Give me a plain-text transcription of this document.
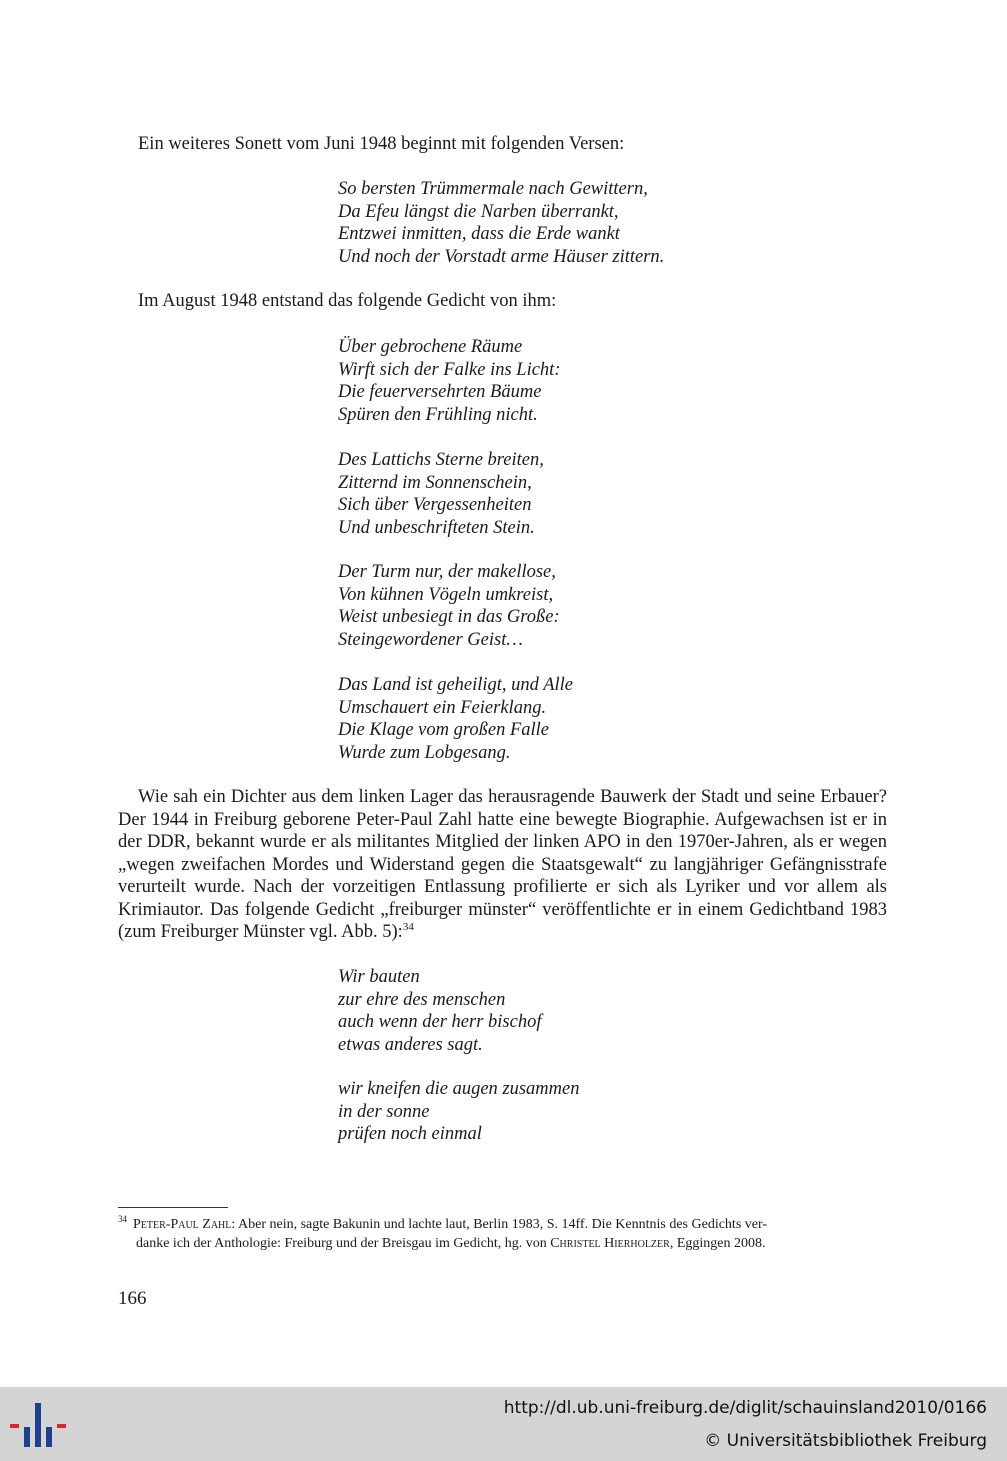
Ein weiteres Sonett vom Juni 1948 beginnt mit folgenden Versen:

So bersten Trümmermale nach Gewittern,
Da Efeu längst die Narben überrankt,
Entzwei inmitten, dass die Erde wankt
Und noch der Vorstadt arme Häuser zittern.

Im August 1948 entstand das folgende Gedicht von ihm:

Über gebrochene Räume
Wirft sich der Falke ins Licht:
Die feuerversehrten Bäume
Spüren den Frühling nicht.
Des Lattichs Sterne breiten,
Zitternd im Sonnenschein,
Sich über Vergessenheiten
Und unbeschrifteten Stein.
Der Turm nur, der makellose,
Von kühnen Vögeln umkreist,
Weist unbesiegt in das Große:
Steingewordener Geist…
Das Land ist geheiligt, und Alle
Umschauert ein Feierklang.
Die Klage vom großen Falle
Wurde zum Lobgesang.

Wie sah ein Dichter aus dem linken Lager das herausragende Bauwerk der Stadt und seine Erbauer? Der 1944 in Freiburg geborene Peter-Paul Zahl hatte eine bewegte Biographie. Aufgewachsen ist er in der DDR, bekannt wurde er als militantes Mitglied der linken APO in den 1970er-Jahren, als er wegen „wegen zweifachen Mordes und Widerstand gegen die Staatsgewalt“ zu langjähriger Gefängnisstrafe verurteilt wurde. Nach der vorzeitigen Entlassung profilierte er sich als Lyriker und vor allem als Krimiautor. Das folgende Gedicht „freiburger münster“ veröffentlichte er in einem Gedichtband 1983 (zum Freiburger Münster vgl. Abb. 5):$^{34}$

Wir bauten
zur ehre des menschen
auch wenn der herr bischof
etwas anderes sagt.
wir kneifen die augen zusammen
in der sonne
prüfen noch einmal
$^{34}$ Peter-Paul Zahl: Aber nein, sagte Bakunin und lachte laut, Berlin 1983, S. 14ff. Die Kenntnis des Gedichts ver-
danke ich der Anthologie: Freiburg und der Breisgau im Gedicht, hg. von Christel Hierholzer, Eggingen 2008.
166
http://dl.ub.uni-freiburg.de/diglit/schauinsland2010/0166
© Universitätsbibliothek Freiburg
